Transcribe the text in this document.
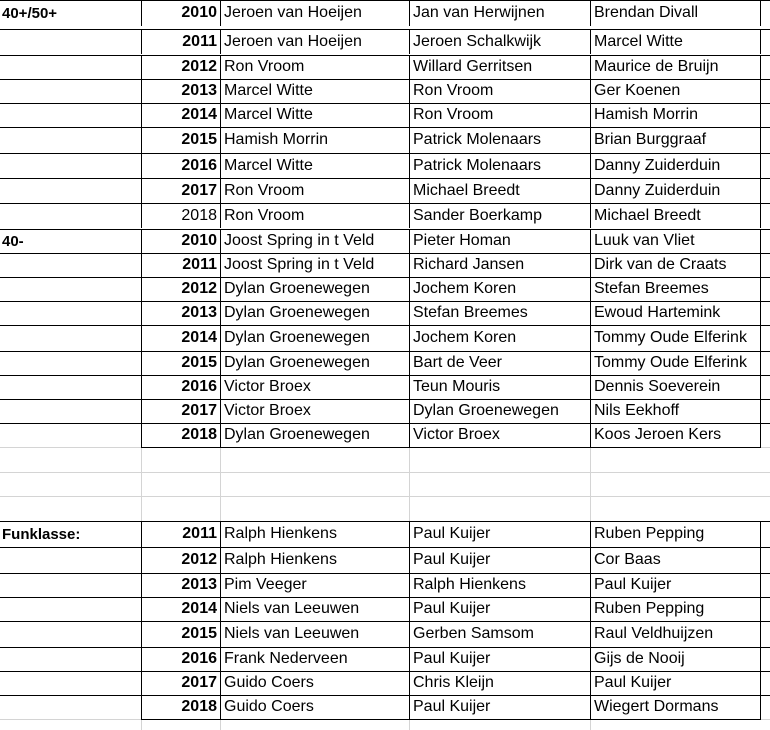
40+/50+	2010 Jeroen van Hoeijen	Jan van Herwijnen	Brendan Divall
2011 Jeroen van Hoeijen	Jeroen Schalkwijk	Marcel Witte
2012 Ron Vroom	Willard Gerritsen	Maurice de Bruijn
2013 Marcel Witte	Ron Vroom	Ger Koenen
2014 Marcel Witte	Ron Vroom	Hamish Morrin
2015 Hamish Morrin	Patrick Molenaars	Brian Burggraaf
2016 Marcel Witte	Patrick Molenaars	Danny Zuiderduin
2017 Ron Vroom	Michael Breedt	Danny Zuiderduin
2018 Ron Vroom	Sander Boerkamp	Michael Breedt
40-	2010 Joost Spring in t Veld	Pieter Homan	Luuk van Vliet
2011 Joost Spring in t Veld	Richard Jansen	Dirk van de Craats
2012 Dylan Groenewegen	Jochem Koren	Stefan Breemes
2013 Dylan Groenewegen	Stefan Breemes	Ewoud Hartemink
2014 Dylan Groenewegen	Jochem Koren	Tommy Oude Elferink
2015 Dylan Groenewegen	Bart de Veer	Tommy Oude Elferink
2016 Victor Broex	Teun Mouris	Dennis Soeverein
2017 Victor Broex	Dylan Groenewegen	Nils Eekhoff
2018 Dylan Groenewegen	Victor Broex	Koos Jeroen Kers
Funklasse:	2011 Ralph Hienkens	Paul Kuijer	Ruben Pepping
2012 Ralph Hienkens	Paul Kuijer	Cor Baas
2013 Pim Veeger	Ralph Hienkens	Paul Kuijer
2014 Niels van Leeuwen	Paul Kuijer	Ruben Pepping
2015 Niels van Leeuwen	Gerben Samsom	Raul Veldhuijzen
2016 Frank Nederveen	Paul Kuijer	Gijs de Nooij
2017 Guido Coers	Chris Kleijn	Paul Kuijer
2018 Guido Coers	Paul Kuijer	Wiegert Dormans
